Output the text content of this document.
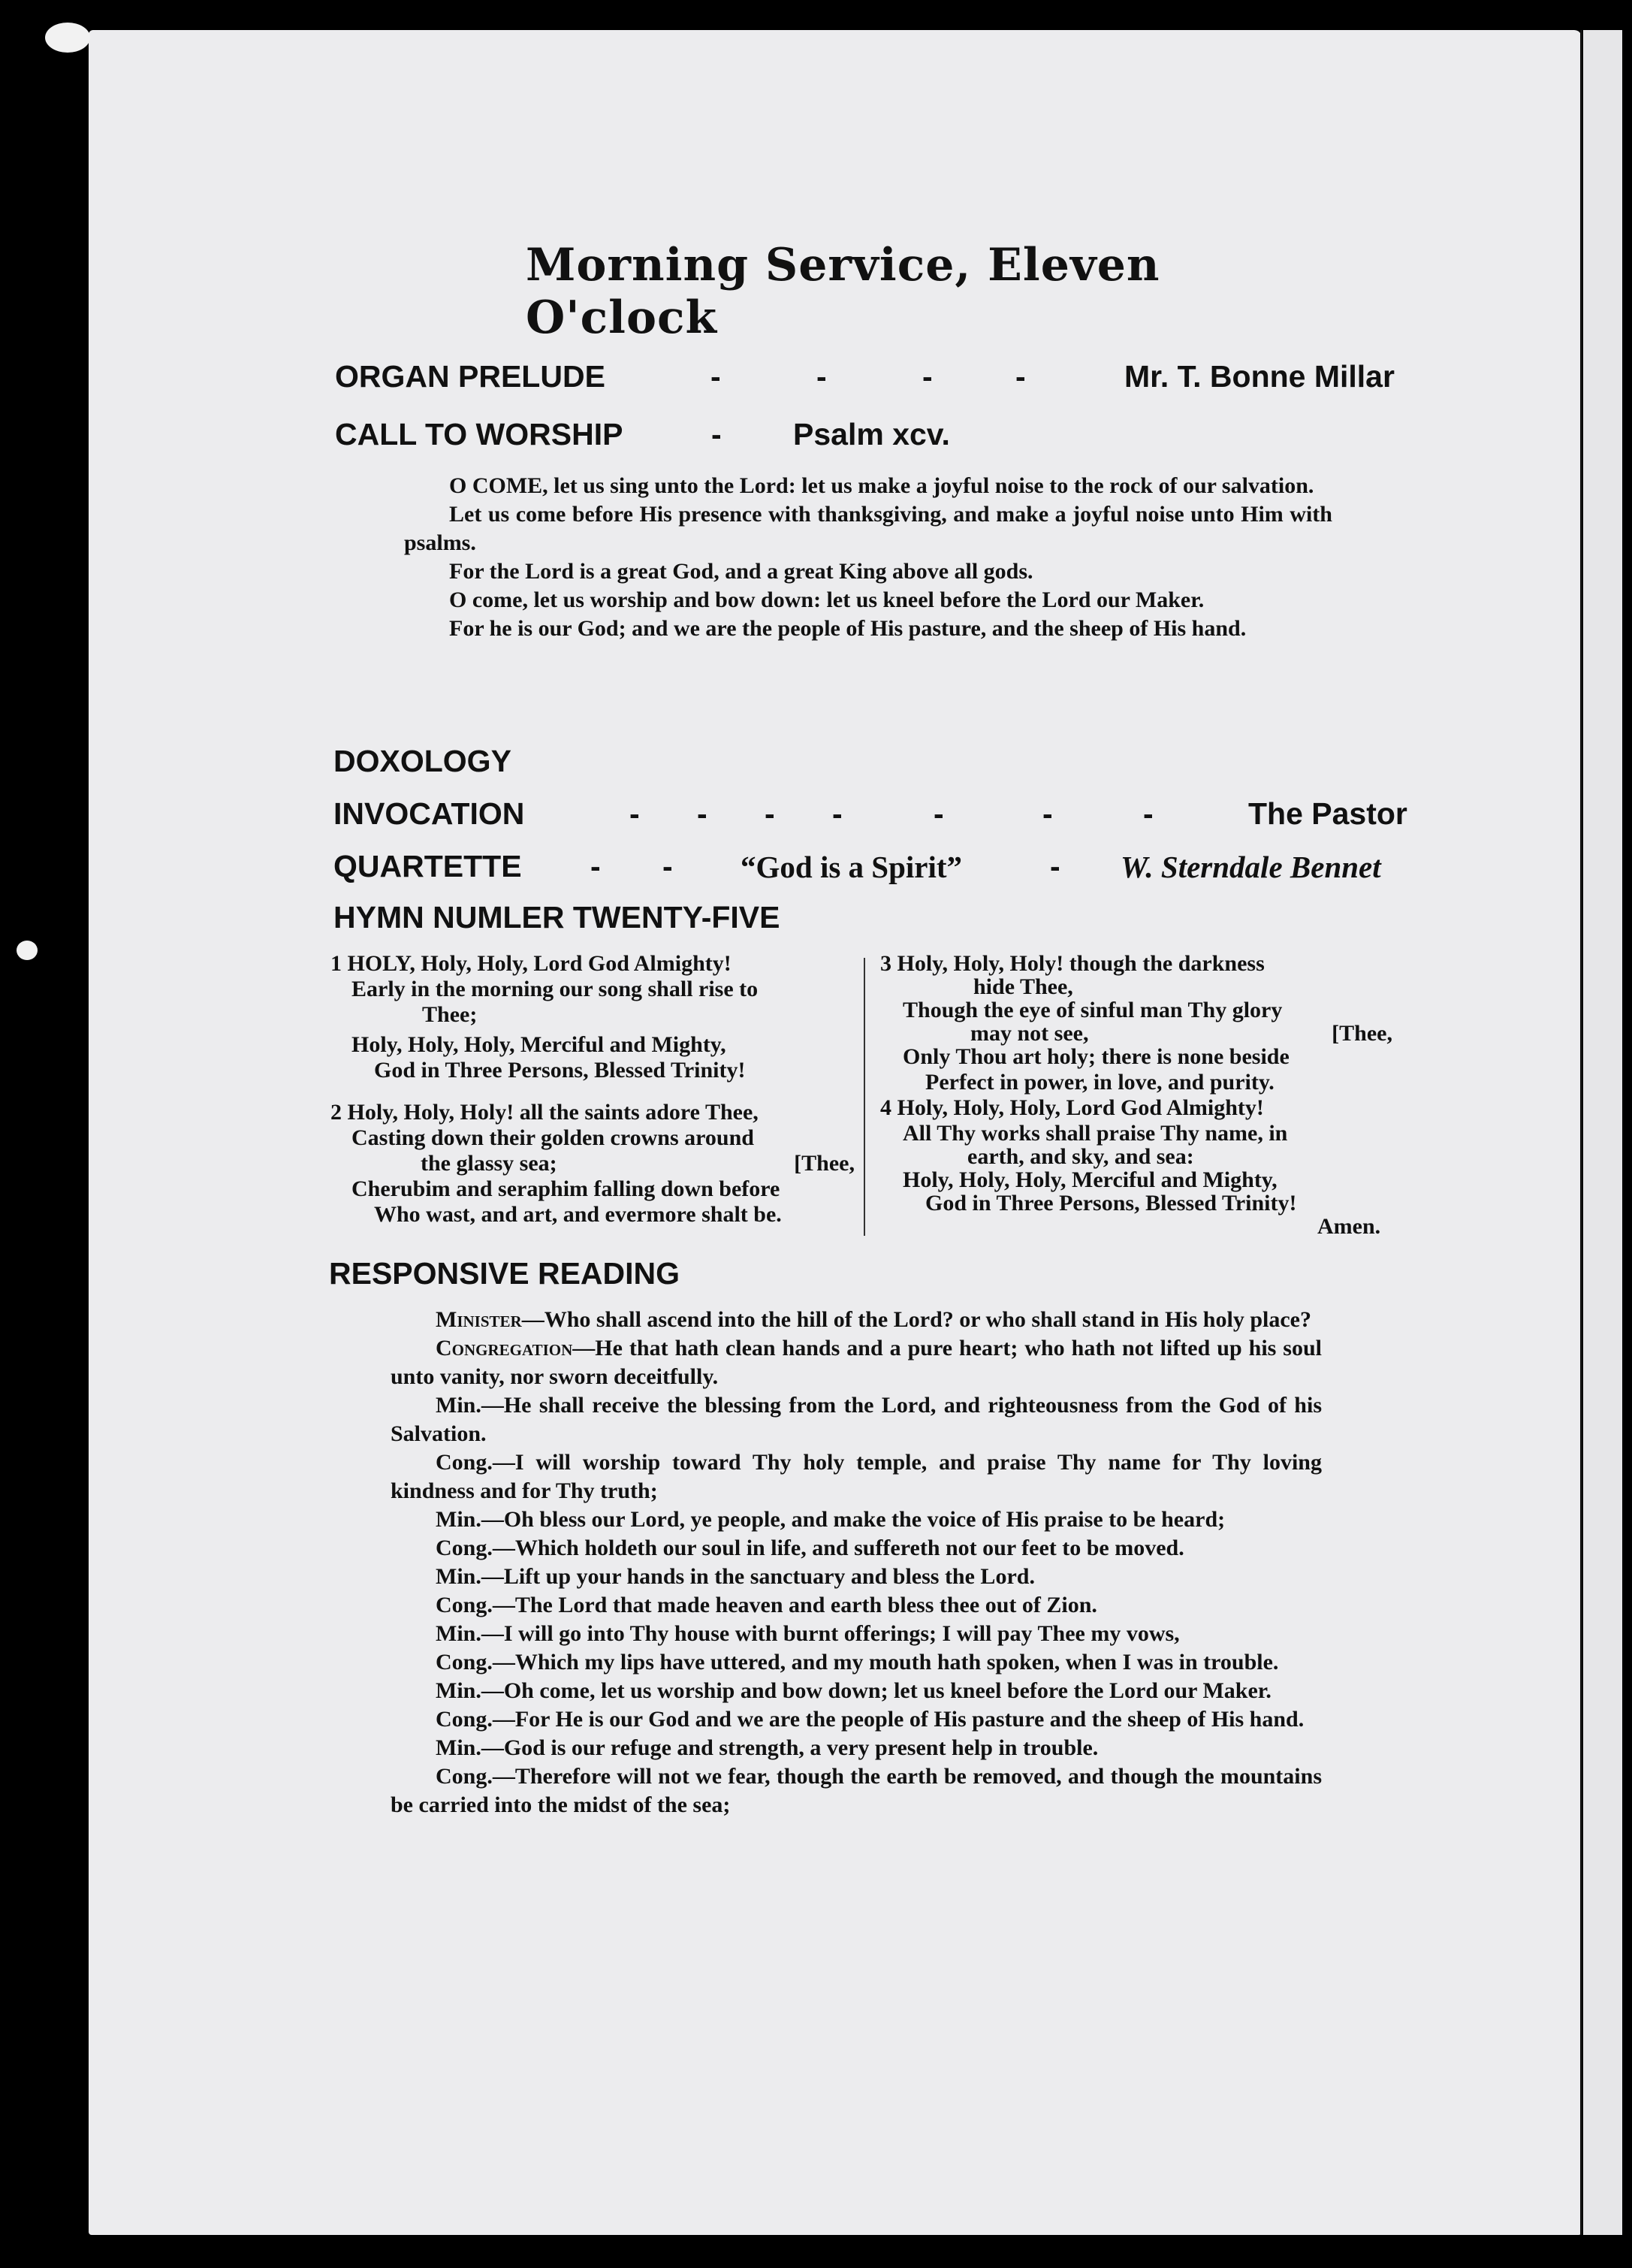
Morning Service, Eleven O'clock
ORGAN PRELUDE	-	-	-	-	Mr. T. Bonne Millar
CALL TO WORSHIP	- Psalm xcv.

O COME, let us sing unto the Lord: let us make a joyful noise to the rock of our salvation.

Let us come before His presence with thanksgiving, and make a joyful noise unto Him with psalms.

For the Lord is a great God, and a great King above all gods.

O come, let us worship and bow down: let us kneel before the Lord our Maker.

For he is our God; and we are the people of His pasture, and the sheep of His hand.

DOXOLOGY
INVOCATION	- - - -	-	-	-	The Pastor
QUARTETTE - - “God is a Spirit”	- W. Sterndale Bennet
HYMN NUMLER TWENTY-FIVE
1 HOLY, Holy, Holy, Lord God Almighty!
Early in the morning our song shall rise to
Thee;
Holy, Holy, Holy, Merciful and Mighty,
God in Three Persons, Blessed Trinity!
2 Holy, Holy, Holy! all the saints adore Thee,
Casting down their golden crowns around
the glassy sea;	[Thee,
Cherubim and seraphim falling down before
Who wast, and art, and evermore shalt be.
3 Holy, Holy, Holy! though the darkness
hide Thee,
Though the eye of sinful man Thy glory
may not see,	[Thee,
Only Thou art holy; there is none beside
Perfect in power, in love, and purity.
4 Holy, Holy, Holy, Lord God Almighty!
All Thy works shall praise Thy name, in
earth, and sky, and sea:
Holy, Holy, Holy, Merciful and Mighty,
God in Three Persons, Blessed Trinity!
Amen.
RESPONSIVE READING

Minister—Who shall ascend into the hill of the Lord? or who shall stand in His holy place?

Congregation—He that hath clean hands and a pure heart; who hath not lifted up his soul unto vanity, nor sworn deceitfully.

Min.—He shall receive the blessing from the Lord, and righteousness from the God of his Salvation.

Cong.—I will worship toward Thy holy temple, and praise Thy name for Thy loving kindness and for Thy truth;

Min.—Oh bless our Lord, ye people, and make the voice of His praise to be heard;

Cong.—Which holdeth our soul in life, and suffereth not our feet to be moved.

Min.—Lift up your hands in the sanctuary and bless the Lord.

Cong.—The Lord that made heaven and earth bless thee out of Zion.

Min.—I will go into Thy house with burnt offerings; I will pay Thee my vows,

Cong.—Which my lips have uttered, and my mouth hath spoken, when I was in trouble.

Min.—Oh come, let us worship and bow down; let us kneel before the Lord our Maker.

Cong.—For He is our God and we are the people of His pasture and the sheep of His hand.

Min.—God is our refuge and strength, a very present help in trouble.

Cong.—Therefore will not we fear, though the earth be removed, and though the mountains be carried into the midst of the sea;
